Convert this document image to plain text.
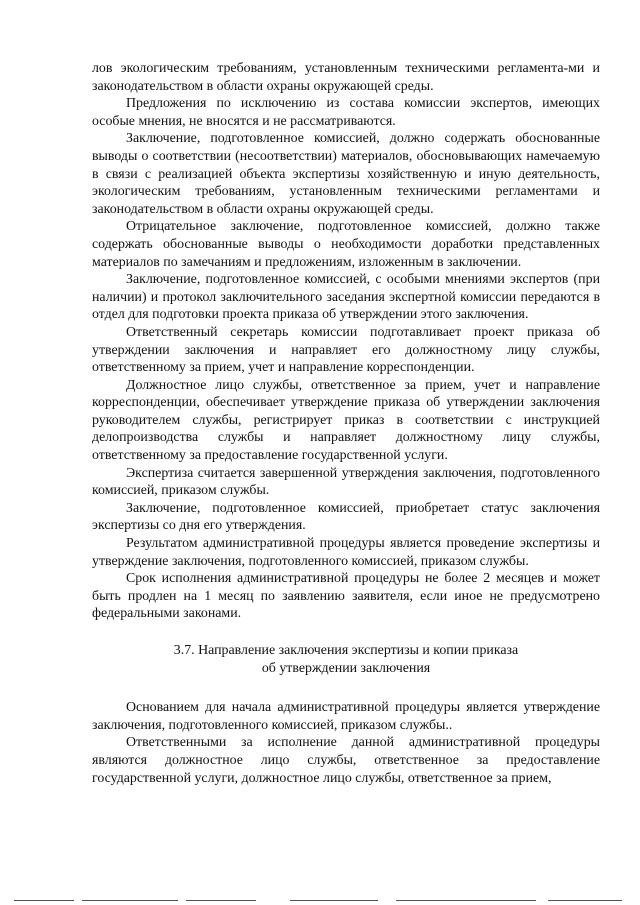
лов экологическим требованиям, установленным техническими регламента-ми и законодательством в области охраны окружающей среды.

Предложения по исключению из состава комиссии экспертов, имеющих особые мнения, не вносятся и не рассматриваются.

Заключение, подготовленное комиссией, должно содержать обоснованные выводы о соответствии (несоответствии) материалов, обосновывающих намечаемую в связи с реализацией объекта экспертизы хозяйственную и иную деятельность, экологическим требованиям, установленным техническими регламентами и законодательством в области охраны окружающей среды.

Отрицательное заключение, подготовленное комиссией, должно также содержать обоснованные выводы о необходимости доработки представленных материалов по замечаниям и предложениям, изложенным в заключении.

Заключение, подготовленное комиссией, с особыми мнениями экспертов (при наличии) и протокол заключительного заседания экспертной комиссии передаются в отдел для подготовки проекта приказа об утверждении этого заключения.

Ответственный секретарь комиссии подготавливает проект приказа об утверждении заключения и направляет его должностному лицу службы, ответственному за прием, учет и направление корреспонденции.

Должностное лицо службы, ответственное за прием, учет и направление корреспонденции, обеспечивает утверждение приказа об утверждении заключения руководителем службы, регистрирует приказ в соответствии с инструкцией делопроизводства службы и направляет должностному лицу службы, ответственному за предоставление государственной услуги.

Экспертиза считается завершенной утверждения заключения, подготовленного комиссией, приказом службы.

Заключение, подготовленное комиссией, приобретает статус заключения экспертизы со дня его утверждения.

Результатом административной процедуры является проведение экспертизы и утверждение заключения, подготовленного комиссией, приказом службы.

Срок исполнения административной процедуры не более 2 месяцев и может быть продлен на 1 месяц по заявлению заявителя, если иное не предусмотрено федеральными законами.

3.7. Направление заключения экспертизы и копии приказа
об утверждении заключения

Основанием для начала административной процедуры является утверждение заключения, подготовленного комиссией, приказом службы..

Ответственными за исполнение данной административной процедуры являются должностное лицо службы, ответственное за предоставление государственной услуги, должностное лицо службы, ответственное за прием,
